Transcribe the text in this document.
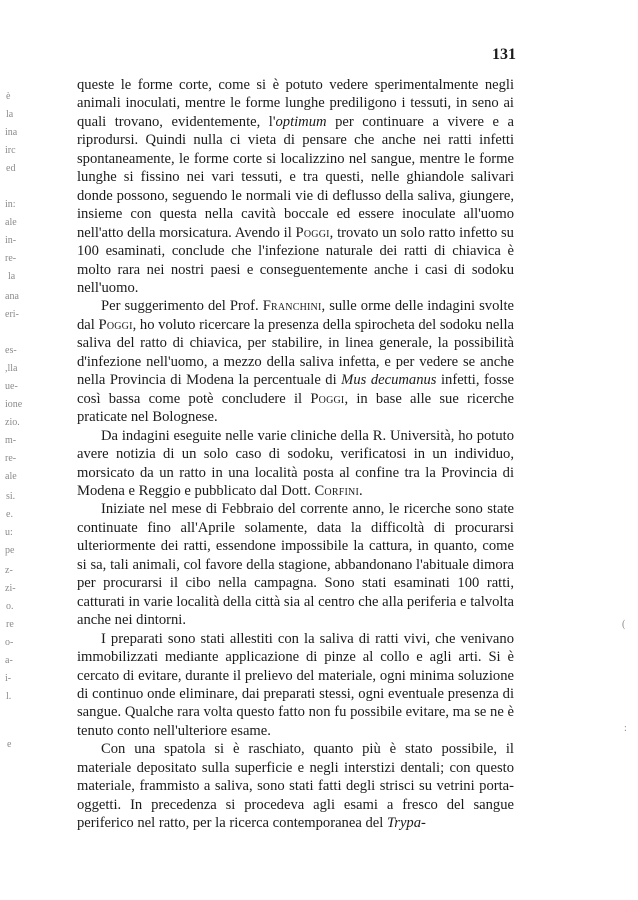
131

queste le forme corte, come si è potuto vedere sperimentalmente negli animali inoculati, mentre le forme lunghe prediligono i tessuti, in seno ai quali trovano, evidentemente, l'optimum per continuare a vivere e a riprodursi. Quindi nulla ci vieta di pensare che anche nei ratti infetti spontaneamente, le forme corte si localizzino nel sangue, mentre le forme lunghe si fissino nei vari tessuti, e tra questi, nelle ghiandole salivari donde possono, seguendo le normali vie di deflusso della saliva, giungere, insieme con questa nella cavità boccale ed essere inoculate all'uomo nell'atto della morsicatura. Avendo il Poggi, trovato un solo ratto infetto su 100 esaminati, conclude che l'infezione naturale dei ratti di chiavica è molto rara nei nostri paesi e conseguentemente anche i casi di sodoku nell'uomo.

Per suggerimento del Prof. Franchini, sulle orme delle indagini svolte dal Poggi, ho voluto ricercare la presenza della spirocheta del sodoku nella saliva del ratto di chiavica, per stabilire, in linea generale, la possibilità d'infezione nell'uomo, a mezzo della saliva infetta, e per vedere se anche nella Provincia di Modena la percentuale di Mus decumanus infetti, fosse così bassa come potè concludere il Poggi, in base alle sue ricerche praticate nel Bolognese.

Da indagini eseguite nelle varie cliniche della R. Università, ho potuto avere notizia di un solo caso di sodoku, verificatosi in un individuo, morsicato da un ratto in una località posta al confine tra la Provincia di Modena e Reggio e pubblicato dal Dott. Corfini.

Iniziate nel mese di Febbraio del corrente anno, le ricerche sono state continuate fino all'Aprile solamente, data la difficoltà di procurarsi ulteriormente dei ratti, essendone impossibile la cattura, in quanto, come si sa, tali animali, col favore della stagione, abbandonano l'abituale dimora per procurarsi il cibo nella campagna. Sono stati esaminati 100 ratti, catturati in varie località della città sia al centro che alla periferia e talvolta anche nei dintorni.

I preparati sono stati allestiti con la saliva di ratti vivi, che venivano immobilizzati mediante applicazione di pinze al collo e agli arti. Si è cercato di evitare, durante il prelievo del materiale, ogni minima soluzione di continuo onde eliminare, dai preparati stessi, ogni eventuale presenza di sangue. Qualche rara volta questo fatto non fu possibile evitare, ma se ne è tenuto conto nell'ulteriore esame.

Con una spatola si è raschiato, quanto più è stato possibile, il materiale depositato sulla superficie e negli interstizi dentali; con questo materiale, frammisto a saliva, sono stati fatti degli strisci su vetrini porta-oggetti. In precedenza si procedeva agli esami a fresco del sangue periferico nel ratto, per la ricerca contemporanea del Trypa-

è
la
ina
irc
ed
in:
ale
in-
re-
la
ana
eri-
es-
,lla
ue-
ione
zio.
m-
re-
ale
si.
e.
u:
pe
z-
zi-
o.
re
o-
a-
i-
l.
e
(
:
